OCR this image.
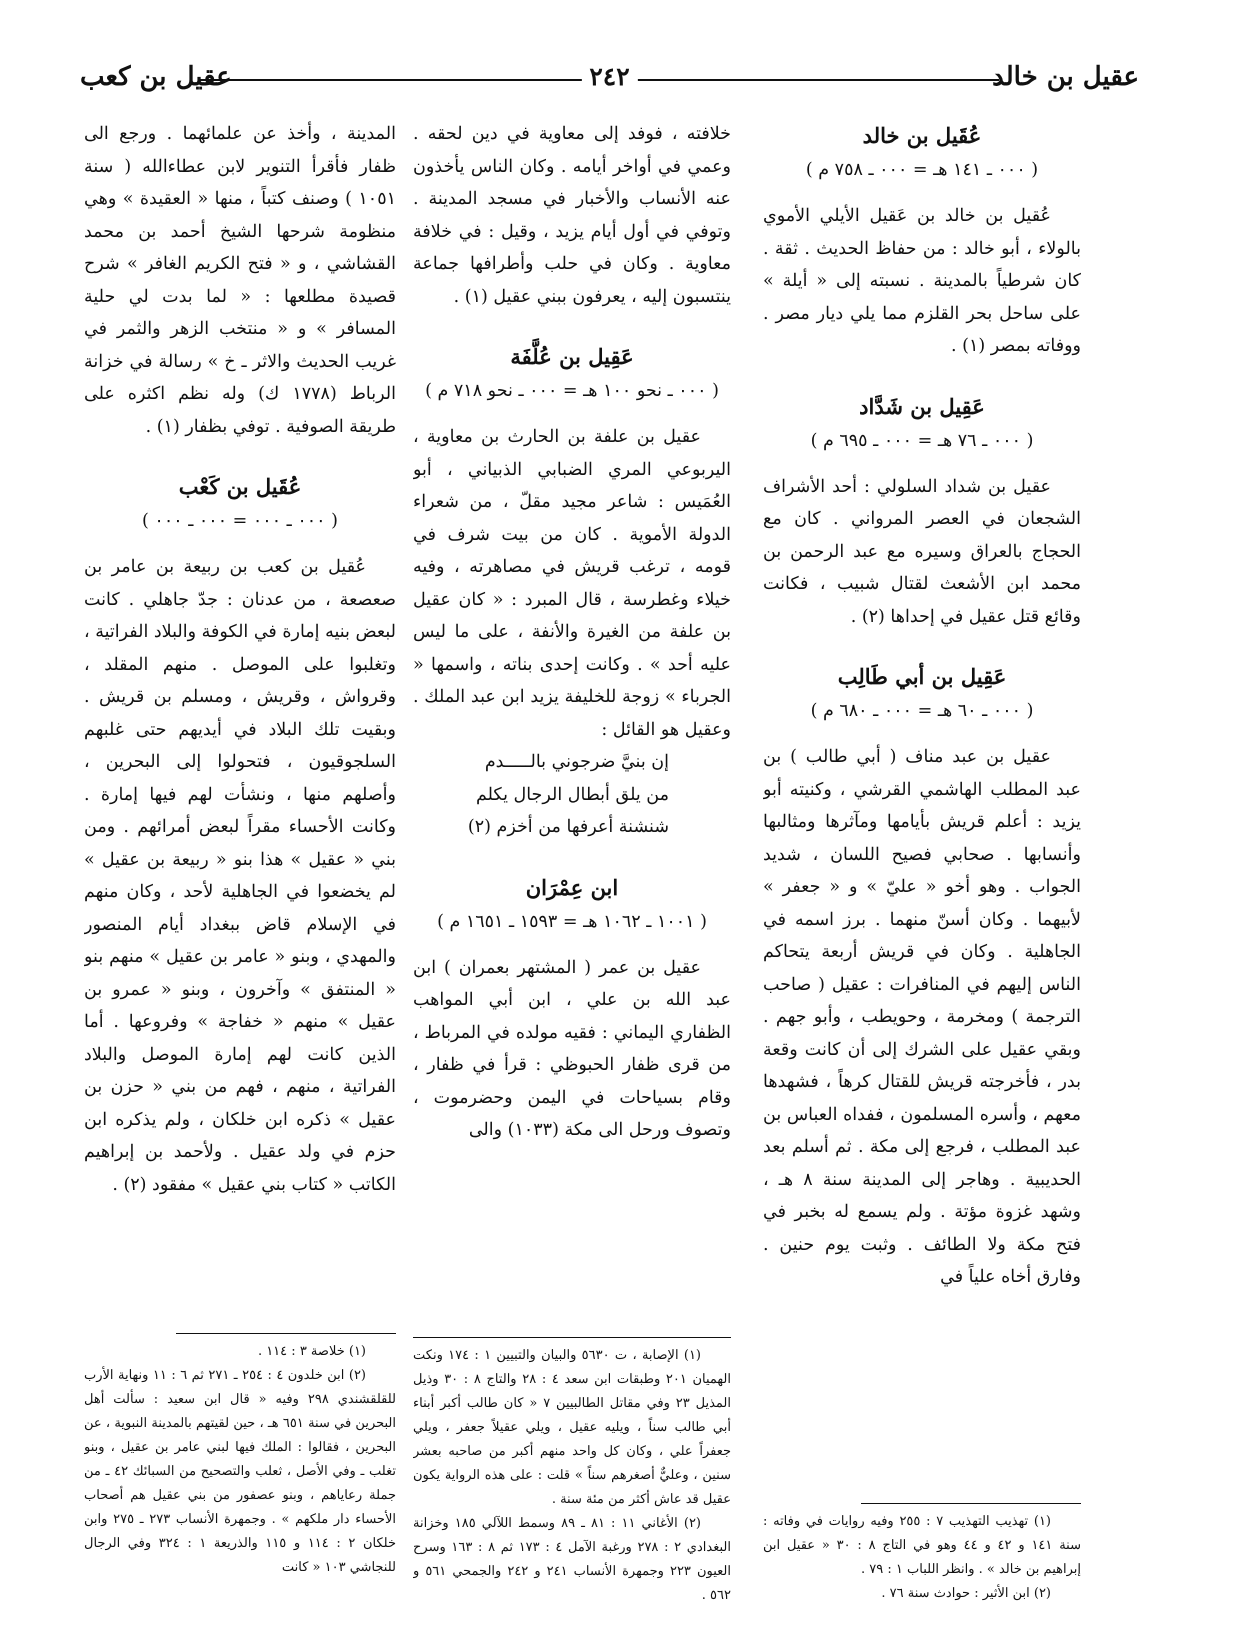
عقيل بن خالد
٢٤٢
عقيل بن كعب
عُقَيل بن خالد
( ٠٠٠ ـ ١٤١ هـ = ٠٠٠ ـ ٧٥٨ م )

عُقيل بن خالد بن عَقيل الأيلي الأموي بالولاء ، أبو خالد : من حفاظ الحديث . ثقة . كان شرطياً بالمدينة . نسبته إلى « أيلة » على ساحل بحر القلزم مما يلي ديار مصر . ووفاته بمصر (١) .

عَقِيل بن شَدَّاد
( ٠٠٠ ـ ٧٦ هـ = ٠٠٠ ـ ٦٩٥ م )

عقيل بن شداد السلولي : أحد الأشراف الشجعان في العصر المرواني . كان مع الحجاج بالعراق وسيره مع عبد الرحمن بن محمد ابن الأشعث لقتال شبيب ، فكانت وقائع قتل عقيل في إحداها (٢) .

عَقِيل بن أبي طَالِب
( ٠٠٠ ـ ٦٠ هـ = ٠٠٠ ـ ٦٨٠ م )

عقيل بن عبد مناف ( أبي طالب ) بن عبد المطلب الهاشمي القرشي ، وكنيته أبو يزيد : أعلم قريش بأيامها ومآثرها ومثالبها وأنسابها . صحابي فصيح اللسان ، شديد الجواب . وهو أخو « عليّ » و « جعفر » لأبيهما . وكان أسنّ منهما . برز اسمه في الجاهلية . وكان في قريش أربعة يتحاكم الناس إليهم في المنافرات : عقيل ( صاحب الترجمة ) ومخرمة ، وحويطب ، وأبو جهم . وبقي عقيل على الشرك إلى أن كانت وقعة بدر ، فأخرجته قريش للقتال كرهاً ، فشهدها معهم ، وأسره المسلمون ، ففداه العباس بن عبد المطلب ، فرجع إلى مكة . ثم أسلم بعد الحديبية . وهاجر إلى المدينة سنة ٨ هـ ، وشهد غزوة مؤتة . ولم يسمع له بخبر في فتح مكة ولا الطائف . وثبت يوم حنين . وفارق أخاه علياً في

(١) تهذيب التهذيب ٧ : ٢٥٥ وفيه روايات في وفاته : سنة ١٤١ و ٤٢ و ٤٤ وهو في التاج ٨ : ٣٠ « عقيل ابن إبراهيم بن خالد » . وانظر اللباب ١ : ٧٩ .

(٢) ابن الأثير : حوادث سنة ٧٦ .

خلافته ، فوفد إلى معاوية في دين لحقه . وعمي في أواخر أيامه . وكان الناس يأخذون عنه الأنساب والأخبار في مسجد المدينة . وتوفي في أول أيام يزيد ، وقيل : في خلافة معاوية . وكان في حلب وأطرافها جماعة ينتسبون إليه ، يعرفون ببني عقيل (١) .

عَقِيل بن عُلَّفَة
( ٠٠٠ ـ نحو ١٠٠ هـ = ٠٠٠ ـ نحو ٧١٨ م )

عقيل بن علفة بن الحارث بن معاوية ، اليربوعي المري الضبابي الذبياني ، أبو العُمَيس : شاعر مجيد مقلّ ، من شعراء الدولة الأموية . كان من بيت شرف في قومه ، ترغب قريش في مصاهرته ، وفيه خيلاء وغطرسة ، قال المبرد : « كان عقيل بن علفة من الغيرة والأنفة ، على ما ليس عليه أحد » . وكانت إحدى بناته ، واسمها « الجرباء » زوجة للخليفة يزيد ابن عبد الملك . وعقيل هو القائل :

إن بنيَّ ضرجوني بالـــــدم

من يلق أبطال الرجال يكلم

شنشنة أعرفها من أخزم (٢)

ابن عِمْرَان
( ١٠٠١ ـ ١٠٦٢ هـ = ١٥٩٣ ـ ١٦٥١ م )

عقيل بن عمر ( المشتهر بعمران ) ابن عبد الله بن علي ، ابن أبي المواهب الظفاري اليماني : فقيه مولده في المرباط ، من قرى ظفار الحبوظي : قرأ في ظفار ، وقام بسياحات في اليمن وحضرموت ، وتصوف ورحل الى مكة (١٠٣٣) والى

(١) الإصابة ، ت ٥٦٣٠ والبيان والتبيين ١ : ١٧٤ ونكت الهميان ٢٠١ وطبقات ابن سعد ٤ : ٢٨ والتاج ٨ : ٣٠ وذيل المذيل ٢٣ وفي مقاتل الطالبيين ٧ « كان طالب أكبر أبناء أبي طالب سناً ، ويليه عقيل ، ويلي عقيلاً جعفر ، ويلي جعفراً علي ، وكان كل واحد منهم أكبر من صاحبه بعشر سنين ، وعليٌّ أصغرهم سناً » قلت : على هذه الرواية يكون عقيل قد عاش أكثر من مئة سنة .

(٢) الأغاني ١١ : ٨١ ـ ٨٩ وسمط اللآلي ١٨٥ وخزانة البغدادي ٢ : ٢٧٨ ورغبة الآمل ٤ : ١٧٣ ثم ٨ : ١٦٣ وسرح العيون ٢٢٣ وجمهرة الأنساب ٢٤١ و ٢٤٢ والجمحي ٥٦١ و ٥٦٢ .

المدينة ، وأخذ عن علمائهما . ورجع الى ظفار فأقرأ التنوير لابن عطاءالله ( سنة ١٠٥١ ) وصنف كتباً ، منها « العقيدة » وهي منظومة شرحها الشيخ أحمد بن محمد القشاشي ، و « فتح الكريم الغافر » شرح قصيدة مطلعها : « لما بدت لي حلية المسافر » و « منتخب الزهر والثمر في غريب الحديث والاثر ـ خ » رسالة في خزانة الرباط (١٧٧٨ ك) وله نظم اكثره على طريقة الصوفية . توفي بظفار (١) .

عُقَيل بن كَعْب
( ٠٠٠ ـ ٠٠٠ = ٠٠٠ ـ ٠٠٠ )

عُقيل بن كعب بن ربيعة بن عامر بن صعصعة ، من عدنان : جدّ جاهلي . كانت لبعض بنيه إمارة في الكوفة والبلاد الفراتية ، وتغلبوا على الموصل . منهم المقلد ، وقرواش ، وقريش ، ومسلم بن قريش . وبقيت تلك البلاد في أيديهم حتى غلبهم السلجوقيون ، فتحولوا إلى البحرين ، وأصلهم منها ، ونشأت لهم فيها إمارة . وكانت الأحساء مقراً لبعض أمرائهم . ومن بني « عقيل » هذا بنو « ربيعة بن عقيل » لم يخضعوا في الجاهلية لأحد ، وكان منهم في الإسلام قاض ببغداد أيام المنصور والمهدي ، وبنو « عامر بن عقيل » منهم بنو « المنتفق » وآخرون ، وبنو « عمرو بن عقيل » منهم « خفاجة » وفروعها . أما الذين كانت لهم إمارة الموصل والبلاد الفراتية ، منهم ، فهم من بني « حزن بن عقيل » ذكره ابن خلكان ، ولم يذكره ابن حزم في ولد عقيل . ولأحمد بن إبراهيم الكاتب « كتاب بني عقيل » مفقود (٢) .

(١) خلاصة ٣ : ١١٤ .

(٢) ابن خلدون ٤ : ٢٥٤ ـ ٢٧١ ثم ٦ : ١١ ونهاية الأرب للقلقشندي ٢٩٨ وفيه « قال ابن سعيد : سألت أهل البحرين في سنة ٦٥١ هـ ، حين لقيتهم بالمدينة النبوية ، عن البحرين ، فقالوا : الملك فيها لبني عامر بن عقيل ، وبنو تغلب ـ وفي الأصل ، ثعلب والتصحيح من السبائك ٤٢ ـ من جملة رعاياهم ، وبنو عصفور من بني عقيل هم أصحاب الأحساء دار ملكهم » . وجمهرة الأنساب ٢٧٣ ـ ٢٧٥ وابن خلكان ٢ : ١١٤ و ١١٥ والذريعة ١ : ٣٢٤ وفي الرجال للنجاشي ١٠٣ « كانت
